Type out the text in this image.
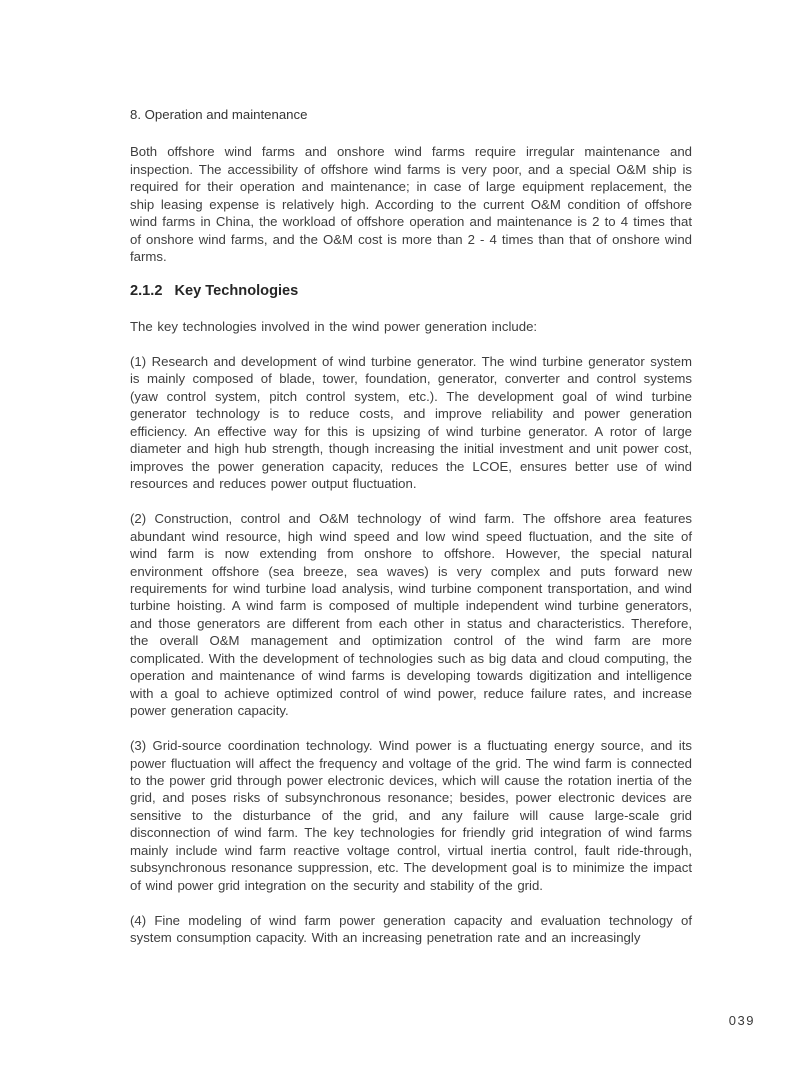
8. Operation and maintenance

Both offshore wind farms and onshore wind farms require irregular maintenance and inspection. The accessibility of offshore wind farms is very poor, and a special O&M ship is required for their operation and maintenance; in case of large equipment replacement, the ship leasing expense is relatively high. According to the current O&M condition of offshore wind farms in China, the workload of offshore operation and maintenance is 2 to 4 times that of onshore wind farms, and the O&M cost is more than 2 - 4 times than that of onshore wind farms.

2.1.2 Key Technologies

The key technologies involved in the wind power generation include:

(1) Research and development of wind turbine generator. The wind turbine generator system is mainly composed of blade, tower, foundation, generator, converter and control systems (yaw control system, pitch control system, etc.). The development goal of wind turbine generator technology is to reduce costs, and improve reliability and power generation efficiency. An effective way for this is upsizing of wind turbine generator. A rotor of large diameter and high hub strength, though increasing the initial investment and unit power cost, improves the power generation capacity, reduces the LCOE, ensures better use of wind resources and reduces power output fluctuation.

(2) Construction, control and O&M technology of wind farm. The offshore area features abundant wind resource, high wind speed and low wind speed fluctuation, and the site of wind farm is now extending from onshore to offshore. However, the special natural environment offshore (sea breeze, sea waves) is very complex and puts forward new requirements for wind turbine load analysis, wind turbine component transportation, and wind turbine hoisting. A wind farm is composed of multiple independent wind turbine generators, and those generators are different from each other in status and characteristics. Therefore, the overall O&M management and optimization control of the wind farm are more complicated. With the development of technologies such as big data and cloud computing, the operation and maintenance of wind farms is developing towards digitization and intelligence with a goal to achieve optimized control of wind power, reduce failure rates, and increase power generation capacity.

(3) Grid-source coordination technology. Wind power is a fluctuating energy source, and its power fluctuation will affect the frequency and voltage of the grid. The wind farm is connected to the power grid through power electronic devices, which will cause the rotation inertia of the grid, and poses risks of subsynchronous resonance; besides, power electronic devices are sensitive to the disturbance of the grid, and any failure will cause large-scale grid disconnection of wind farm. The key technologies for friendly grid integration of wind farms mainly include wind farm reactive voltage control, virtual inertia control, fault ride-through, subsynchronous resonance suppression, etc. The development goal is to minimize the impact of wind power grid integration on the security and stability of the grid.

(4) Fine modeling of wind farm power generation capacity and evaluation technology of system consumption capacity. With an increasing penetration rate and an increasingly

039
